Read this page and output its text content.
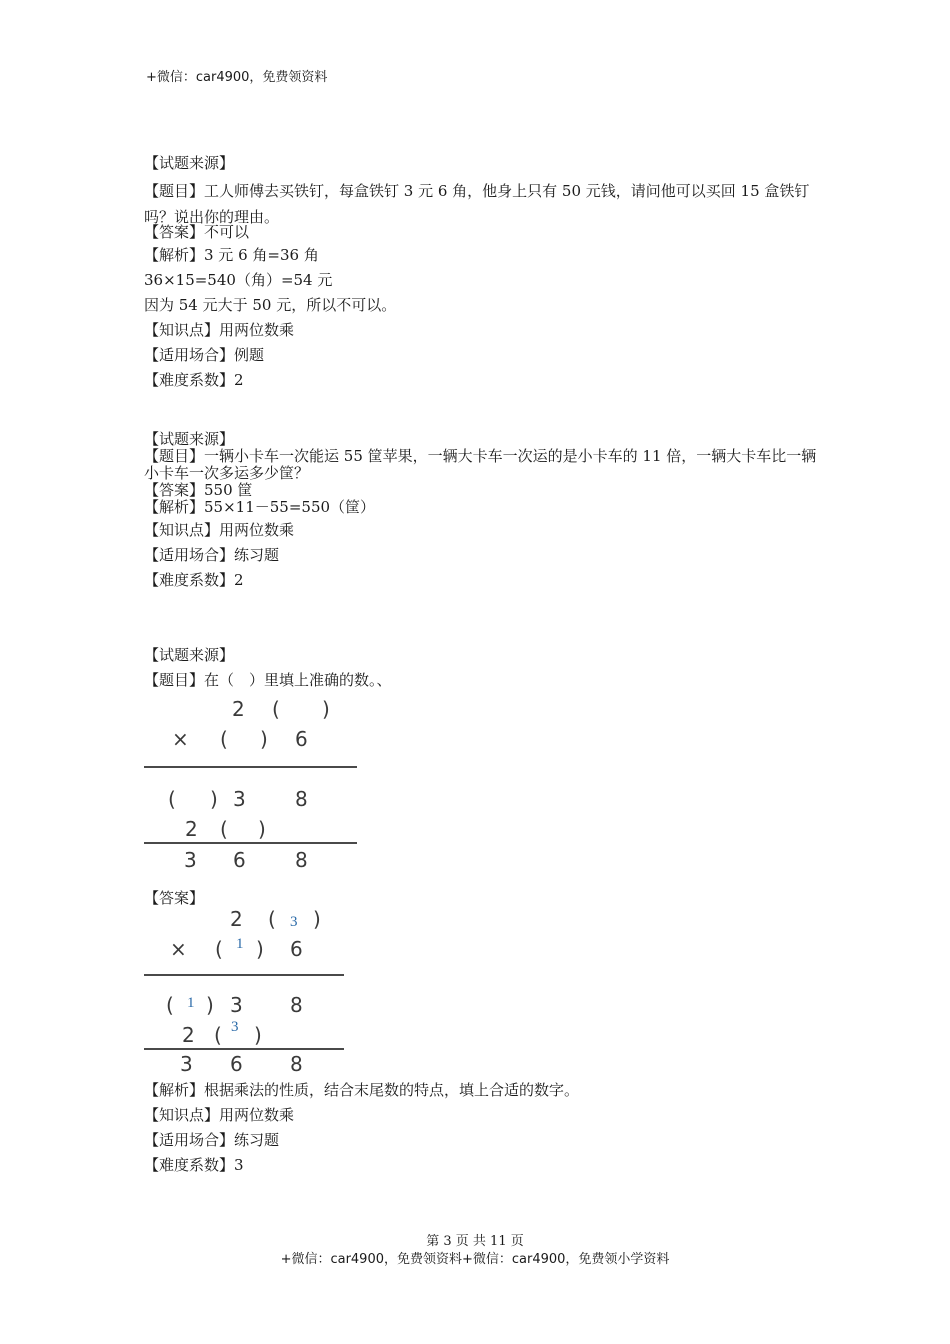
+微信：car4900，免费领资料
【试题来源】
【题目】工人师傅去买铁钉，每盒铁钉 3 元 6 角，他身上只有 50 元钱，请问他可以买回 15 盒铁钉吗？说出你的理由。
【答案】不可以
【解析】3 元 6 角=36 角
36×15=540（角）=54 元
因为 54 元大于 50 元，所以不可以。
【知识点】用两位数乘
【适用场合】例题
【难度系数】2
【试题来源】
【题目】一辆小卡车一次能运 55 筐苹果，一辆大卡车一次运的是小卡车的 11 倍，一辆大卡车比一辆小卡车一次多运多少筐？
【答案】550 筐
【解析】55×11－55=550（筐）
【知识点】用两位数乘
【适用场合】练习题
【难度系数】2
【试题来源】
【题目】在（　）里填上准确的数。、
2 ( )
× ( ) 6
( ) 3 8
2 ( )
3 6 8
【答案】
2 ( 3 )
× ( 1 ) 6
( 1 ) 3 8
2 ( 3 )
3 6 8
【解析】根据乘法的性质，结合末尾数的特点，填上合适的数字。
【知识点】用两位数乘
【适用场合】练习题
【难度系数】3
第 3 页 共 11 页
+微信：car4900，免费领资料+微信：car4900，免费领小学资料
